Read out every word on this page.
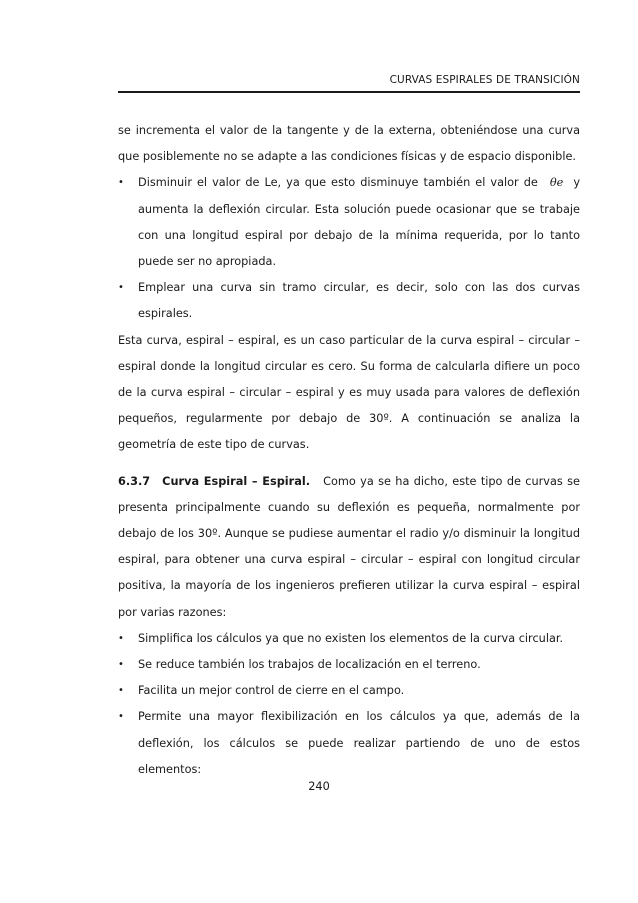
CURVAS ESPIRALES DE TRANSICIÓN

se incrementa el valor de la tangente y de la externa, obteniéndose una curva que posiblemente no se adapte a las condiciones físicas y de espacio disponible.

• Disminuir el valor de Le, ya que esto disminuye también el valor de θe y aumenta la deflexión circular. Esta solución puede ocasionar que se trabaje con una longitud espiral por debajo de la mínima requerida, por lo tanto puede ser no apropiada.

• Emplear una curva sin tramo circular, es decir, solo con las dos curvas espirales.

Esta curva, espiral – espiral, es un caso particular de la curva espiral – circular – espiral donde la longitud circular es cero. Su forma de calcularla difiere un poco de la curva espiral – circular – espiral y es muy usada para valores de deflexión pequeños, regularmente por debajo de 30º. A continuación se analiza la geometría de este tipo de curvas.

6.3.7 Curva Espiral – Espiral. Como ya se ha dicho, este tipo de curvas se presenta principalmente cuando su deflexión es pequeña, normalmente por debajo de los 30º. Aunque se pudiese aumentar el radio y/o disminuir la longitud espiral, para obtener una curva espiral – circular – espiral con longitud circular positiva, la mayoría de los ingenieros prefieren utilizar la curva espiral – espiral por varias razones:

• Simplifica los cálculos ya que no existen los elementos de la curva circular.

• Se reduce también los trabajos de localización en el terreno.

• Facilita un mejor control de cierre en el campo.

• Permite una mayor flexibilización en los cálculos ya que, además de la deflexión, los cálculos se puede realizar partiendo de uno de estos elementos:

240
